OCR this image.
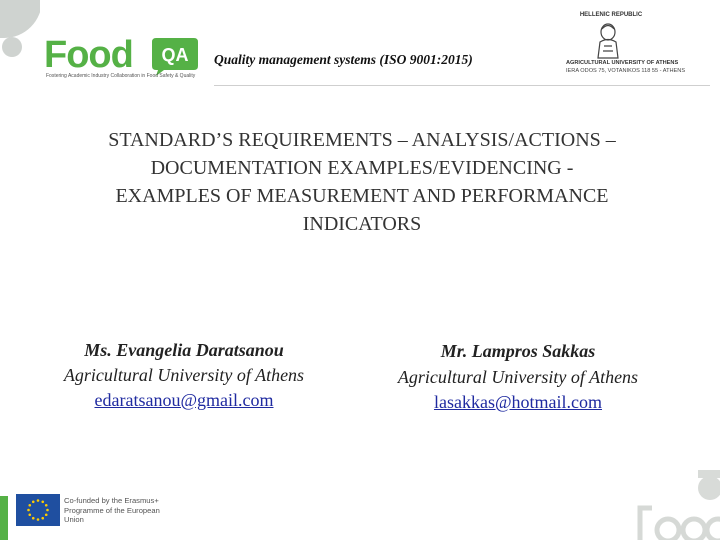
Food QA
Fostering Academic Industry Collaboration in Food Safety & Quality
Quality management systems (ISO 9001:2015)
HELLENIC REPUBLIC
AGRICULTURAL UNIVERSITY OF ATHENS
IERA ODOS 75, VOTANIKOS 118 55 - ATHENS
STANDARD’S REQUIREMENTS – ANALYSIS/ACTIONS – DOCUMENTATION EXAMPLES/EVIDENCING - EXAMPLES OF MEASUREMENT AND PERFORMANCE INDICATORS
Ms. Evangelia Daratsanou
Agricultural University of Athens
edaratsanou@gmail.com
Mr. Lampros Sakkas
Agricultural University of Athens
lasakkas@hotmail.com
Co-funded by the Erasmus+ Programme of the European Union
